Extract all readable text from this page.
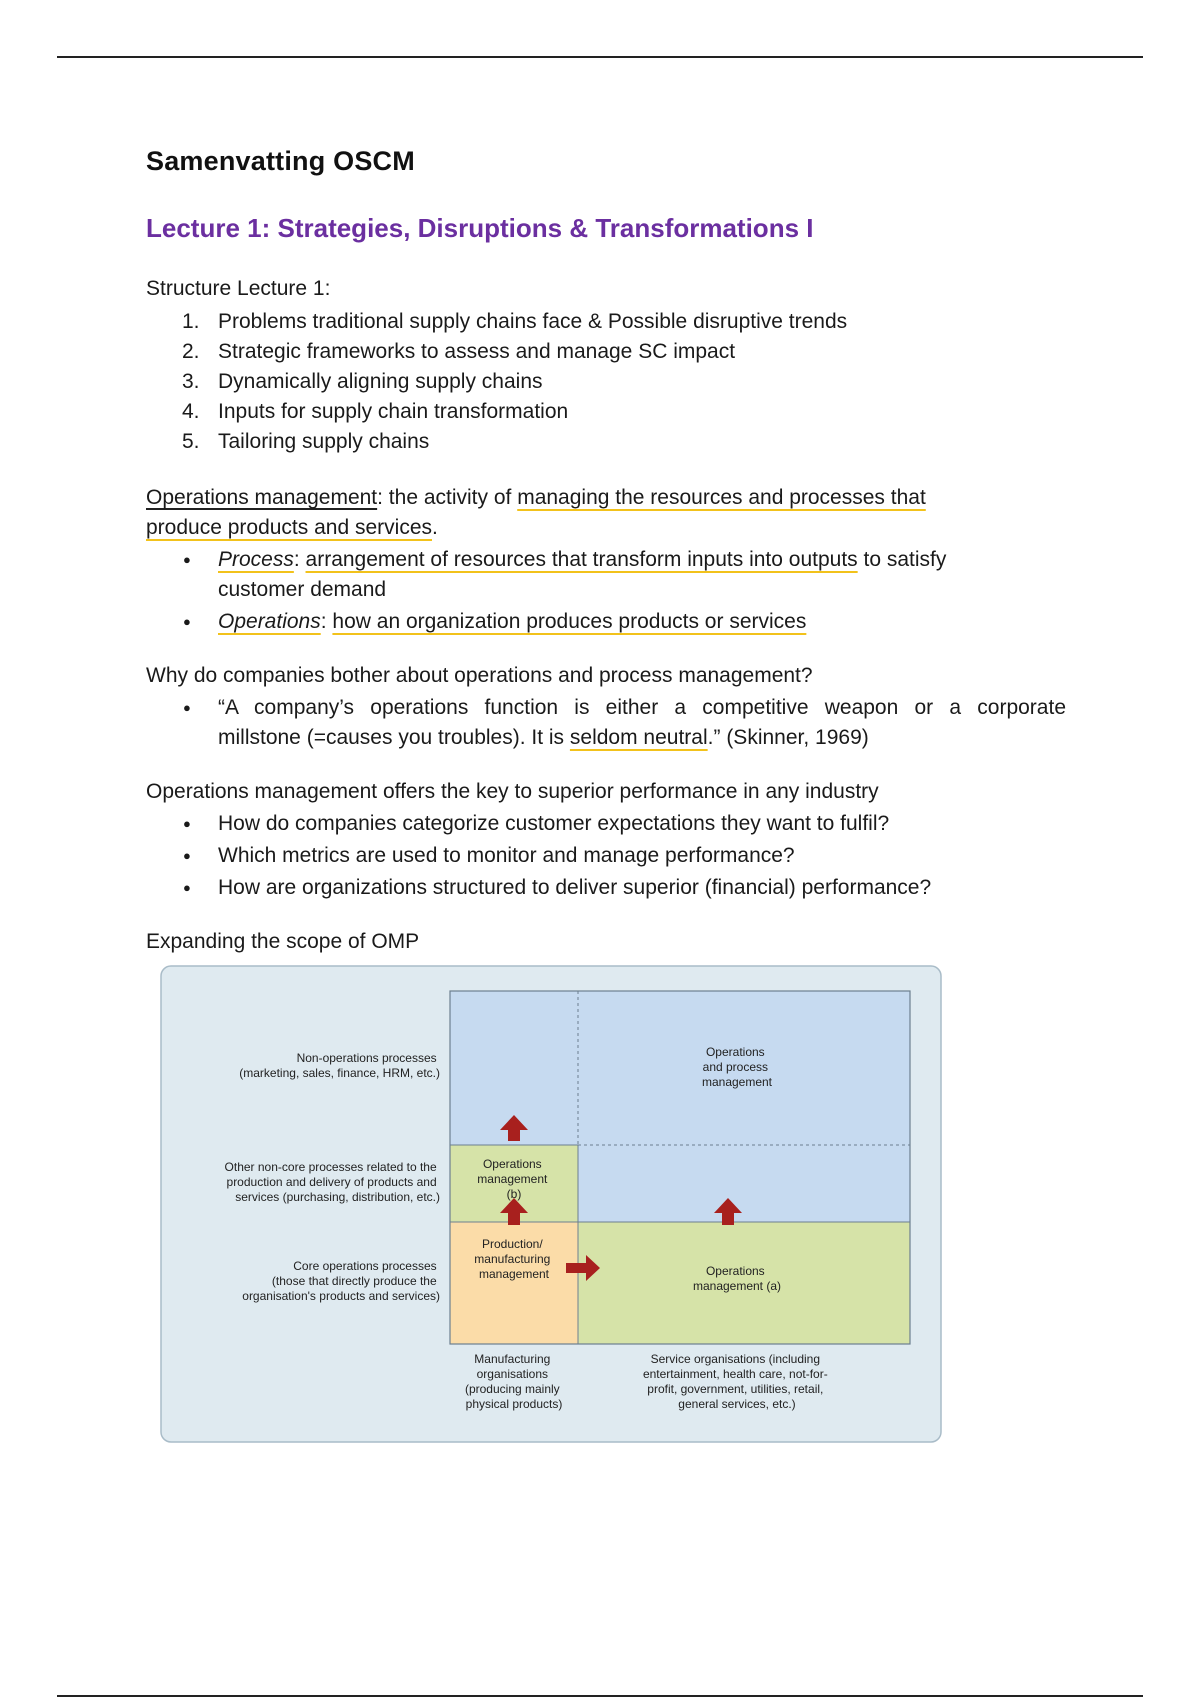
Samenvatting OSCM
Lecture 1: Strategies, Disruptions & Transformations I

Structure Lecture 1:

1. Problems traditional supply chains face & Possible disruptive trends
2. Strategic frameworks to assess and manage SC impact
3. Dynamically aligning supply chains
4. Inputs for supply chain transformation
5. Tailoring supply chains

Operations management: the activity of managing the resources and processes that
produce products and services.

● Process: arrangement of resources that transform inputs into outputs to satisfy
customer demand
● Operations: how an organization produces products or services

Why do companies bother about operations and process management?

● “A company’s operations function is either a competitive weapon or a corporate
millstone (=causes you troubles). It is seldom neutral.” (Skinner, 1969)

Operations management offers the key to superior performance in any industry

● How do companies categorize customer expectations they want to fulfil?
● Which metrics are used to monitor and manage performance?
● How are organizations structured to deliver superior (financial) performance?

Expanding the scope of OMP

Operations and process management
Operations management (b)
Production/ manufacturing management	Operations management (a)
Non-operations processes (marketing, sales, finance, HRM, etc.)
Other non-core processes related to the production and delivery of products and services (purchasing, distribution, etc.)
Core operations processes (those that directly produce the organisation's products and services)
Manufacturing organisations (producing mainly physical products)
Service organisations (including entertainment, health care, not-for- profit, government, utilities, retail, general services, etc.)
